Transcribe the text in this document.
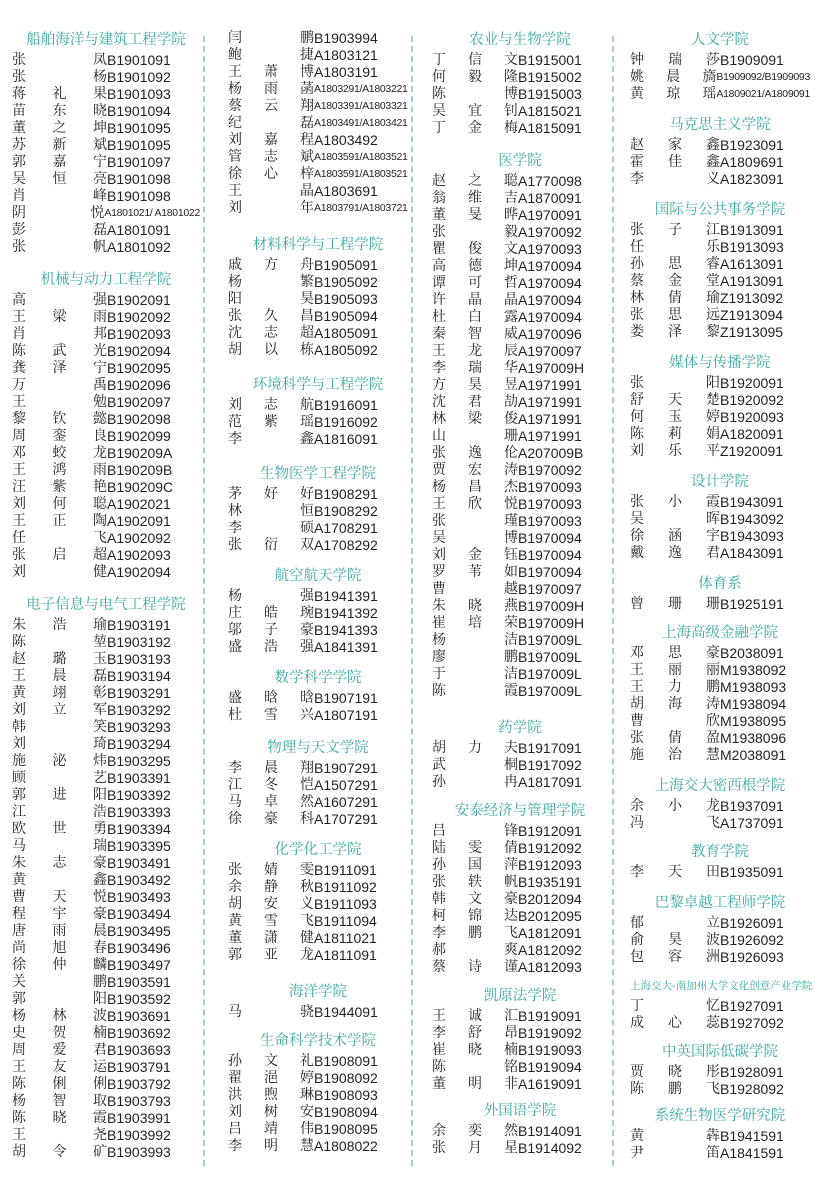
船舶海洋与建筑工程学院
张　凤 B1901091
张　杨 B1901092
蒋礼果 B1901093
苗东晓 B1901094
董之坤 B1901095
苏新斌 B1901095
郭嘉宁 B1901097
吴恒亮 B1901098
肖　峰 B1901098
阴　悦 A1801021/ A1801022
彭　磊 A1801091
张　帆 A1801092
机械与动力工程学院
高　强 B1902091
王梁雨 B1902092
肖　邦 B1902093
陈武光 B1902094
龚泽宁 B1902095
万　禹 B1902096
王　勉 B1902097
黎钦懿 B1902098
周銮良 B1902099
邓蛟龙 B190209A
王鸿雨 B190209B
汪紫艳 B190209C
刘何聪 A1902021
王正陶 A1902091
任　飞 A1902092
张启超 A1902093
刘　健 A1902094
电子信息与电气工程学院
朱浩瑜 B1903191
陈　堃 B1903192
赵璐玉 B1903193
王晨磊 B1903194
黄翊彰 B1903291
刘立军 B1903292
韩　笑 B1903293
刘　琦 B1903294
施泌炜 B1903295
顾　艺 B1903391
郭进阳 B1903392
江　浩 B1903393
欧世勇 B1903394
马　瑞 B1903395
朱志豪 B1903491
黄　鑫 B1903492
曹天悦 B1903493
程宇豪 B1903494
唐雨晨 B1903495
尚旭春 B1903496
徐仲麟 B1903497
关　鹏 B1903591
郭　阳 B1903592
杨林波 B1903691
史贺楠 B1903692
周爱君 B1903693
王友运 B1903791
陈俐俐 B1903792
杨智取 B1903793
陈晓霞 B1903991
王　尧 B1903992
胡令矿 B1903993
闫　鹏 B1903994
鲍　捷 A1803121
王萧博 A1803191
杨雨菡 A1803291/A1803221
蔡云翔 A1803391/A1803321
纪　磊 A1803491/A1803421
刘嘉程 A1803492
管志斌 A1803591/A1803521
徐心梓 A1803591/A1803521
王　晶 A1803691
刘　年 A1803791/A1803721
材料科学与工程学院
戚方舟 B1905091
杨　繁 B1905092
阳　昊 B1905093
张久昌 B1905094
沈志超 A1805091
胡以栋 A1805092
环境科学与工程学院
刘志航 B1916091
范紫瑶 B1916092
李　鑫 A1816091
生物医学工程学院
茅好好 B1908291
林　恒 B1908292
李　硕 A1708291
张衍双 A1708292
航空航天学院
杨　强 B1941391
庄皓琬 B1941392
邬子豪 B1941393
盛浩强 A1841391
数学科学学院
盛晗晗 B1907191
杜雪兴 A1807191
物理与天文学院
李晨翔 B1907291
江冬恺 A1507291
马卓然 A1607291
徐豪科 A1707291
化学化工学院
张婧雯 B1911091
余静秋 B1911092
胡安义 B1911093
黄雪飞 B1911094
董潇健 A1811021
郭亚龙 A1811091
海洋学院
马　骁 B1944091
生命科学技术学院
孙文礼 B1908091
翟浥婷 B1908092
洪煦琳 B1908093
刘树安 B1908094
吕靖伟 B1908095
李明慧 A1808022
农业与生物学院
丁信文 B1915001
何毅隆 B1915002
陈　博 B1915003
吴宜钊 A1815021
丁金梅 A1815091
医学院
赵之聪 A1770098
翁维吉 A1870091
董旻晔 A1970091
张　毅 A1970092
瞿俊文 A1970093
高德坤 A1970094
谭可哲 A1970094
许晶晶 A1970094
杜白露 A1970094
秦智威 A1970096
王龙辰 A1970097
李瑞华 A197009H
方昊昱 A1971991
沈君劼 A1971991
林梁俊 A1971991
山　珊 A1971991
张逸伦 A207009B
贾宏涛 B1970092
杨昌杰 B1970093
王欣悦 B1970093
张　瑾 B1970093
吴　博 B1970094
刘金钰 B1970094
罗苇如 B1970094
曹　越 B1970097
朱晓燕 B197009H
崔培荣 B197009H
杨　洁 B197009L
廖　鹏 B197009L
于　洁 B197009L
陈　霞 B197009L
药学院
胡力夫 B1917091
武　桐 B1917092
孙　冉 A1817091
安泰经济与管理学院
吕锋 B1912091
陆雯倩 B1912092
孙国萍 B1912093
张轶帆 B1935191
韩文豪 B2012094
柯锦达 B2012095
李鹏飞 A1812091
郝　爽 A1812092
蔡诗谨 A1812093
凯原法学院
王诚汇 B1919091
李舒昂 B1919092
崔晓楠 B1919093
陈　铭 B1919094
董明非 A1619091
外国语学院
余奕然 B1914091
张月星 B1914092
人文学院
钟瑞莎 B1909091
姚晨旖 B1909092/B1909093
黄琼瑶 A1809021/A1809091
马克思主义学院
赵家鑫 B1923091
霍佳鑫 A1809691
李　义 A1823091
国际与公共事务学院
张子江 B1913091
任　乐 B1913093
孙思睿 A1613091
蔡金堂 A1913091
林倩瑜 Z1913092
张思远 Z1913094
娄泽黎 Z1913095
媒体与传播学院
张　阳 B1920091
舒天楚 B1920092
何玉婷 B1920093
陈莉娟 A1820091
刘乐平 Z1920091
设计学院
张小霞 B1943091
吴　晖 B1943092
徐涵宇 B1943093
戴逸君 A1843091
体育系
曾珊珊 B1925191
上海高级金融学院
邓思豪 B2038091
王丽丽 M1938092
王力鹏 M1938093
胡海涛 M1938094
曹　欣 M1938095
张倩盈 M1938096
施治慧 M2038091
上海交大密西根学院
余小龙 B1937091
冯　飞 A1737091
教育学院
李天田 B1935091
巴黎卓越工程师学院
郁　立 B1926091
俞昊波 B1926092
包容洲 B1926093
上海交大-南加州大学文化创意产业学院
丁　忆 B1927091
成心蕊 B1927092
中英国际低碳学院
贾晓彤 B1928091
陈鹏飞 B1928092
系统生物医学研究院
黄　犇 B1941591
尹　笛 A1841591
